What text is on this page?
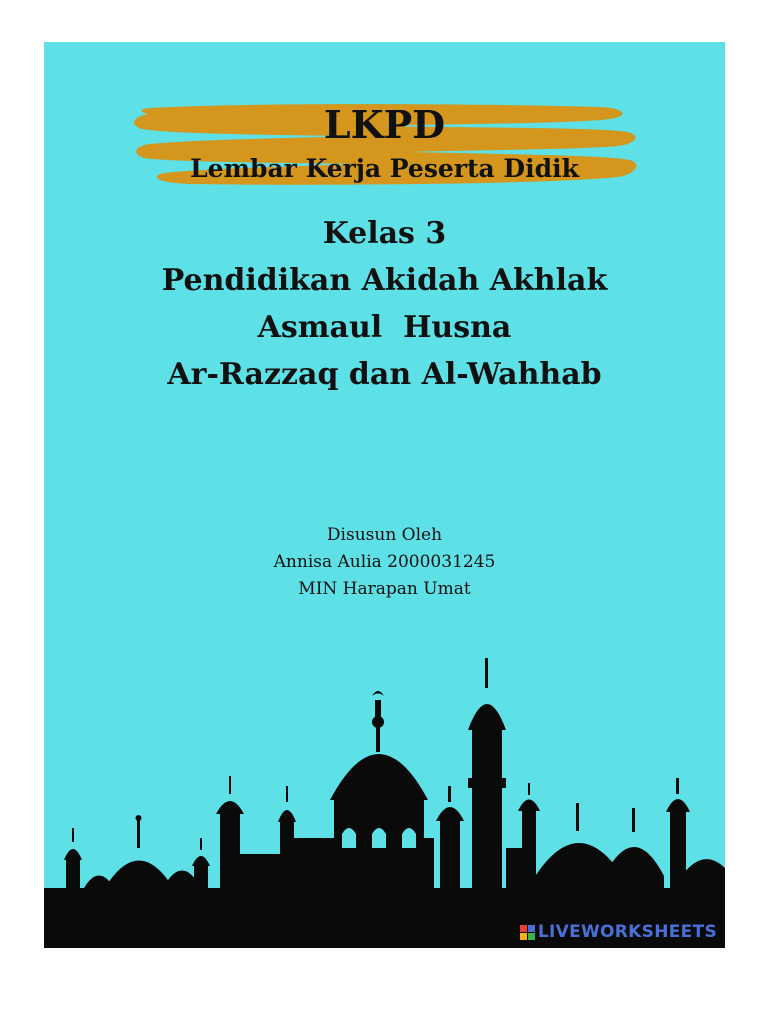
LKPD
Lembar Kerja Peserta Didik
Kelas 3
Pendidikan Akidah Akhlak
Asmaul  Husna
Ar-Razzaq dan Al-Wahhab
Disusun Oleh
Annisa Aulia 2000031245
MIN Harapan Umat
LIVEWORKSHEETS
